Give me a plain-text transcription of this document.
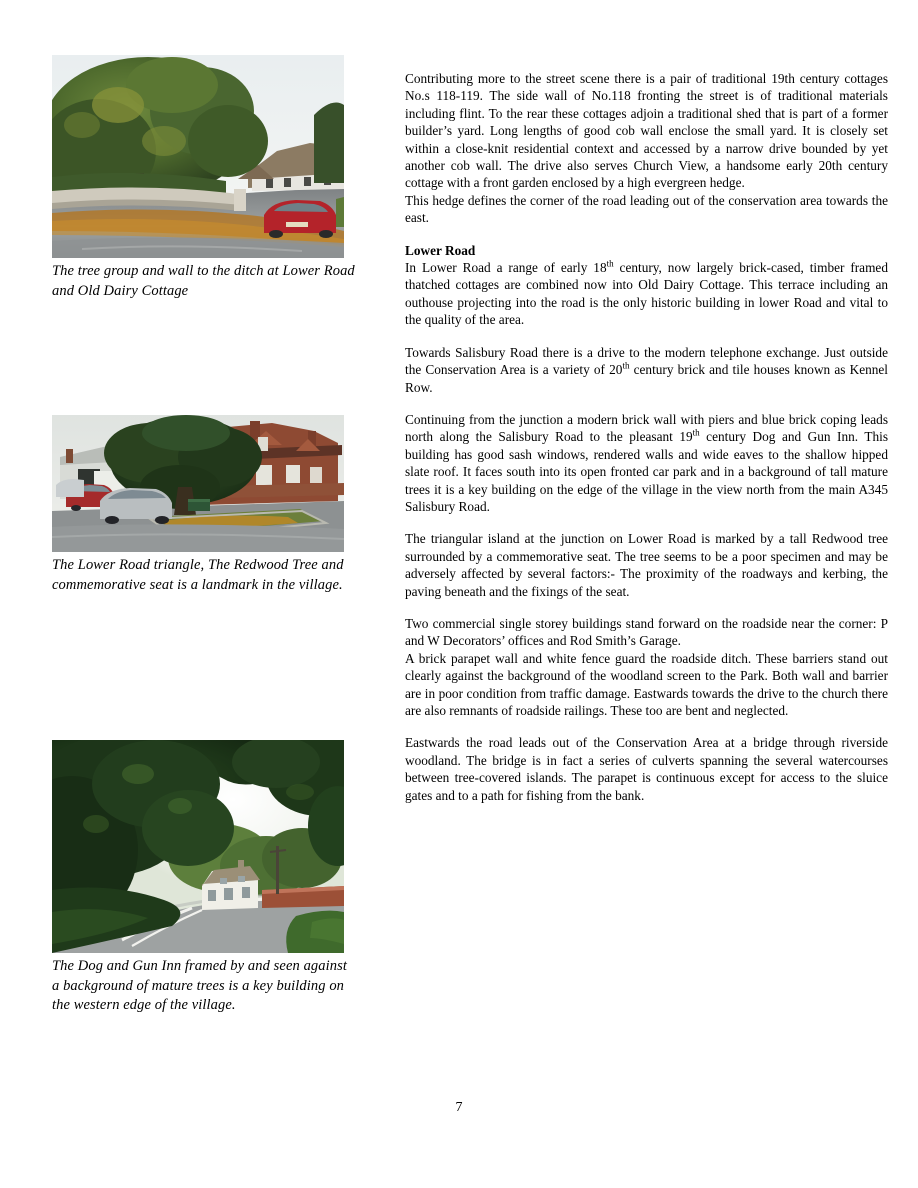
The tree group and wall to the ditch at Lower Road and Old Dairy Cottage
The Lower Road triangle, The Redwood Tree and commemorative seat is a landmark in the village.
The Dog and Gun Inn framed by and seen against a background of mature trees is a key building on the western edge of the village.

Contributing more to the street scene there is a pair of traditional 19th century cottages No.s 118-119. The side wall of No.118 fronting the street is of traditional materials including flint. To the rear these cottages adjoin a traditional shed that is part of a former builder’s yard. Long lengths of good cob wall enclose the small yard. It is closely set within a close-knit residential context and accessed by a narrow drive bounded by yet another cob wall. The drive also serves Church View, a handsome early 20th century cottage with a front garden enclosed by a high evergreen hedge.

This hedge defines the corner of the road leading out of the conservation area towards the east.

Lower Road

In Lower Road a range of early 18th century, now largely brick-cased, timber framed thatched cottages are combined now into Old Dairy Cottage. This terrace including an outhouse projecting into the road is the only historic building in lower Road and vital to the quality of the area.

Towards Salisbury Road there is a drive to the modern telephone exchange. Just outside the Conservation Area is a variety of 20th century brick and tile houses known as Kennel Row.

Continuing from the junction a modern brick wall with piers and blue brick coping leads north along the Salisbury Road to the pleasant 19th century Dog and Gun Inn. This building has good sash windows, rendered walls and wide eaves to the shallow hipped slate roof. It faces south into its open fronted car park and in a background of tall mature trees it is a key building on the edge of the village in the view north from the main A345 Salisbury Road.

The triangular island at the junction on Lower Road is marked by a tall Redwood tree surrounded by a commemorative seat. The tree seems to be a poor specimen and may be adversely affected by several factors:- The proximity of the roadways and kerbing, the paving beneath and the fixings of the seat.

Two commercial single storey buildings stand forward on the roadside near the corner: P and W Decorators’ offices and Rod Smith’s Garage.

A brick parapet wall and white fence guard the roadside ditch. These barriers stand out clearly against the background of the woodland screen to the Park. Both wall and barrier are in poor condition from traffic damage. Eastwards towards the drive to the church there are also remnants of roadside railings. These too are bent and neglected.

Eastwards the road leads out of the Conservation Area at a bridge through riverside woodland. The bridge is in fact a series of culverts spanning the several watercourses between tree-covered islands. The parapet is continuous except for access to the sluice gates and to a path for fishing from the bank.

7
